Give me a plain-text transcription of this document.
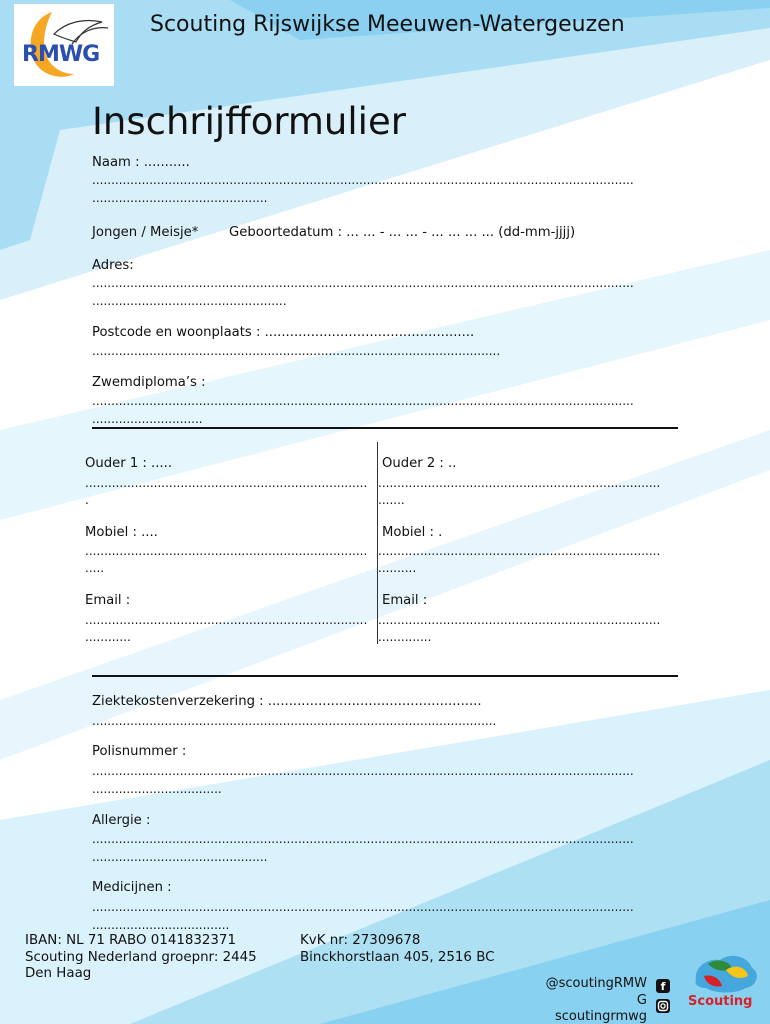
RMWG
Scouting Rijswijkse Meeuwen-Watergeuzen
Inschrijfformulier
Naam : ...........
..............................................................................................................................................
..............................................
Jongen / Meisje* Geboortedatum : ... ... - ... ... - ... ... ... ... (dd-mm-jjjj)
Adres:
..............................................................................................................................................
...................................................
Postcode en woonplaats : ..................................................
...........................................................................................................
Zwemdiploma’s :
..............................................................................................................................................
.............................
Ouder 1 : .....
..........................................................................
.
Mobiel : ....
..........................................................................
.....
Email :
..........................................................................
............
Ouder 2 : ..
..........................................................................
.......
Mobiel : .
..........................................................................
..........
Email :
..........................................................................
..............
Ziektekostenverzekering : ...................................................
..........................................................................................................
Polisnummer :
..............................................................................................................................................
..................................
Allergie :
..............................................................................................................................................
..............................................
Medicijnen :
..............................................................................................................................................
....................................
IBAN: NL 71 RABO 0141832371
Scouting Nederland groepnr: 2445
Den Haag
KvK nr: 27309678
Binckhorstlaan 405, 2516 BC
@scoutingRMW
G
scoutingrmwg
f
Scouting
